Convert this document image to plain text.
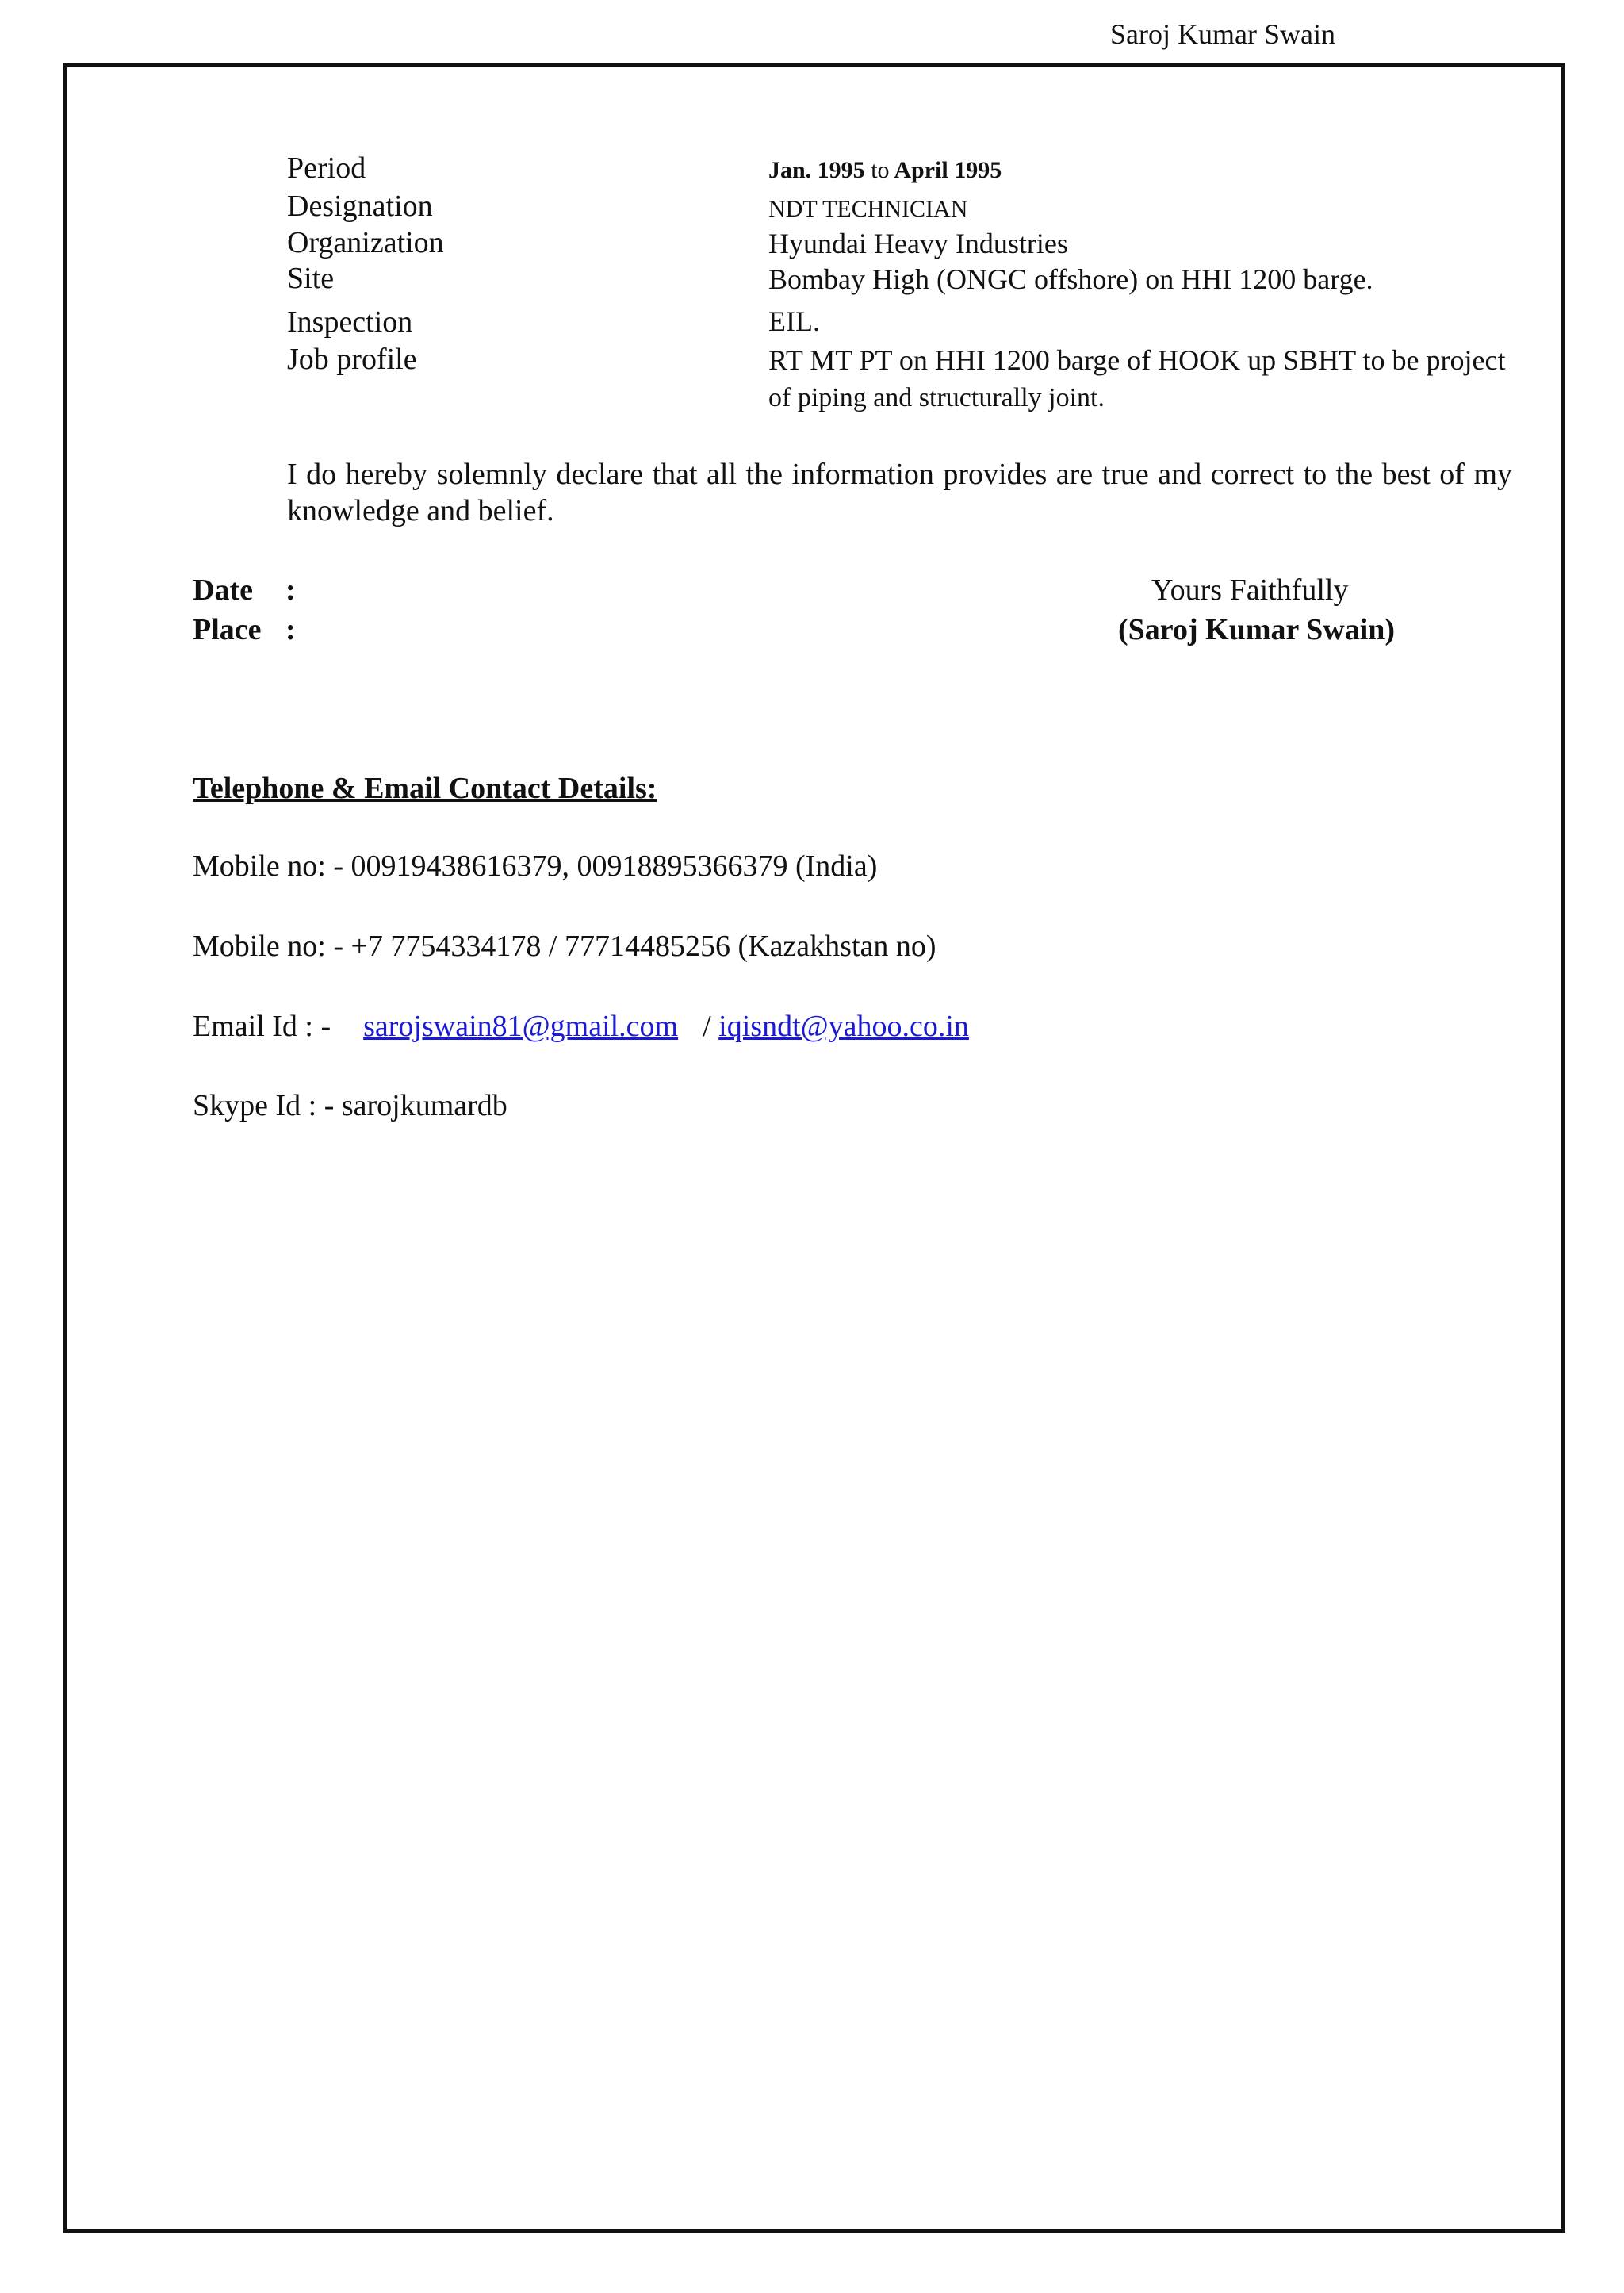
Saroj Kumar Swain
Period	Jan. 1995 to April 1995
Designation	NDT TECHNICIAN
Organization	Hyundai Heavy Industries
Site	Bombay High (ONGC offshore) on HHI 1200 barge.
Inspection	EIL.
Job profile	RT MT PT on HHI 1200 barge of HOOK up SBHT to be project
of piping and structurally joint.
I do hereby solemnly declare that all the information provides are true and correct to the best of my knowledge and belief.
Date :
Place :
Yours Faithfully
(Saroj Kumar Swain)
Telephone & Email Contact Details:
Mobile no: - 00919438616379, 00918895366379 (India)
Mobile no: - +7 7754334178 / 77714485256 (Kazakhstan no)
Email Id : - sarojswain81@gmail.com / iqisndt@yahoo.co.in
Skype Id : - sarojkumardb
